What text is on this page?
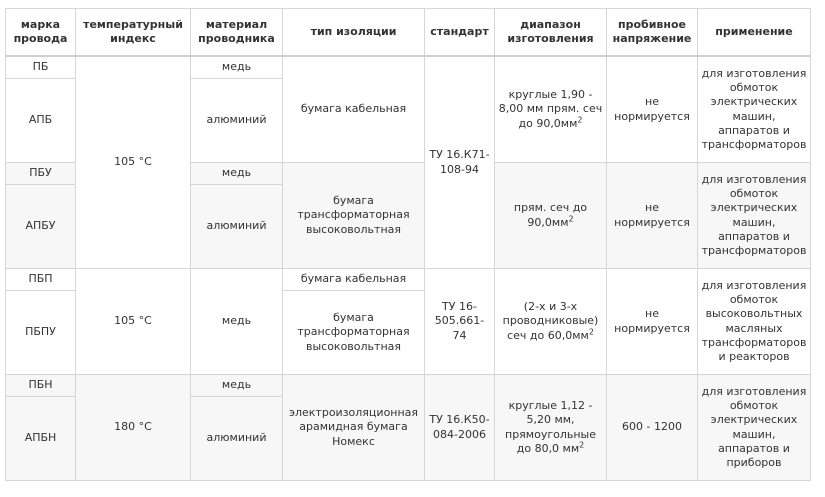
марка провода	температурный индекс	материал проводника	тип изоляции	стандарт	диапазон изготовления	пробивное напряжение	применение
ПБ	105 °C	медь	бумага кабельная	ТУ 16.К71-108-94	круглые 1,90 - 8,00 мм прям. сеч до $90,0мм^2$	не нормируется	для изготовления обмоток электрических машин, аппаратов и трансформаторов
АПБ		алюминий					
ПБУ		медь	бумага трансформаторная высоковольтная		прям. сеч до $90,0мм^2$	не нормируется	для изготовления обмоток электрических машин, аппаратов и трансформаторов
АПБУ		алюминий					
ПБП	105 °C	медь	бумага кабельная	ТУ 16-505.661-74	(2-х и 3-х проводниковые) сеч до $60,0мм^2$	не нормируется	для изготовления обмоток высоковольтных масляных трансформаторов и реакторов
ПБПУ			бумага трансформаторная высоковольтная				
ПБН	180 °C	медь	электроизоляционная арамидная бумага Номекс	ТУ 16.К50-084-2006	круглые 1,12 - 5,20 мм, прямоугольные до 80,0 $мм^2$	600 - 1200	для изготовления обмоток электрических машин, аппаратов и приборов
АПБН		алюминий					
